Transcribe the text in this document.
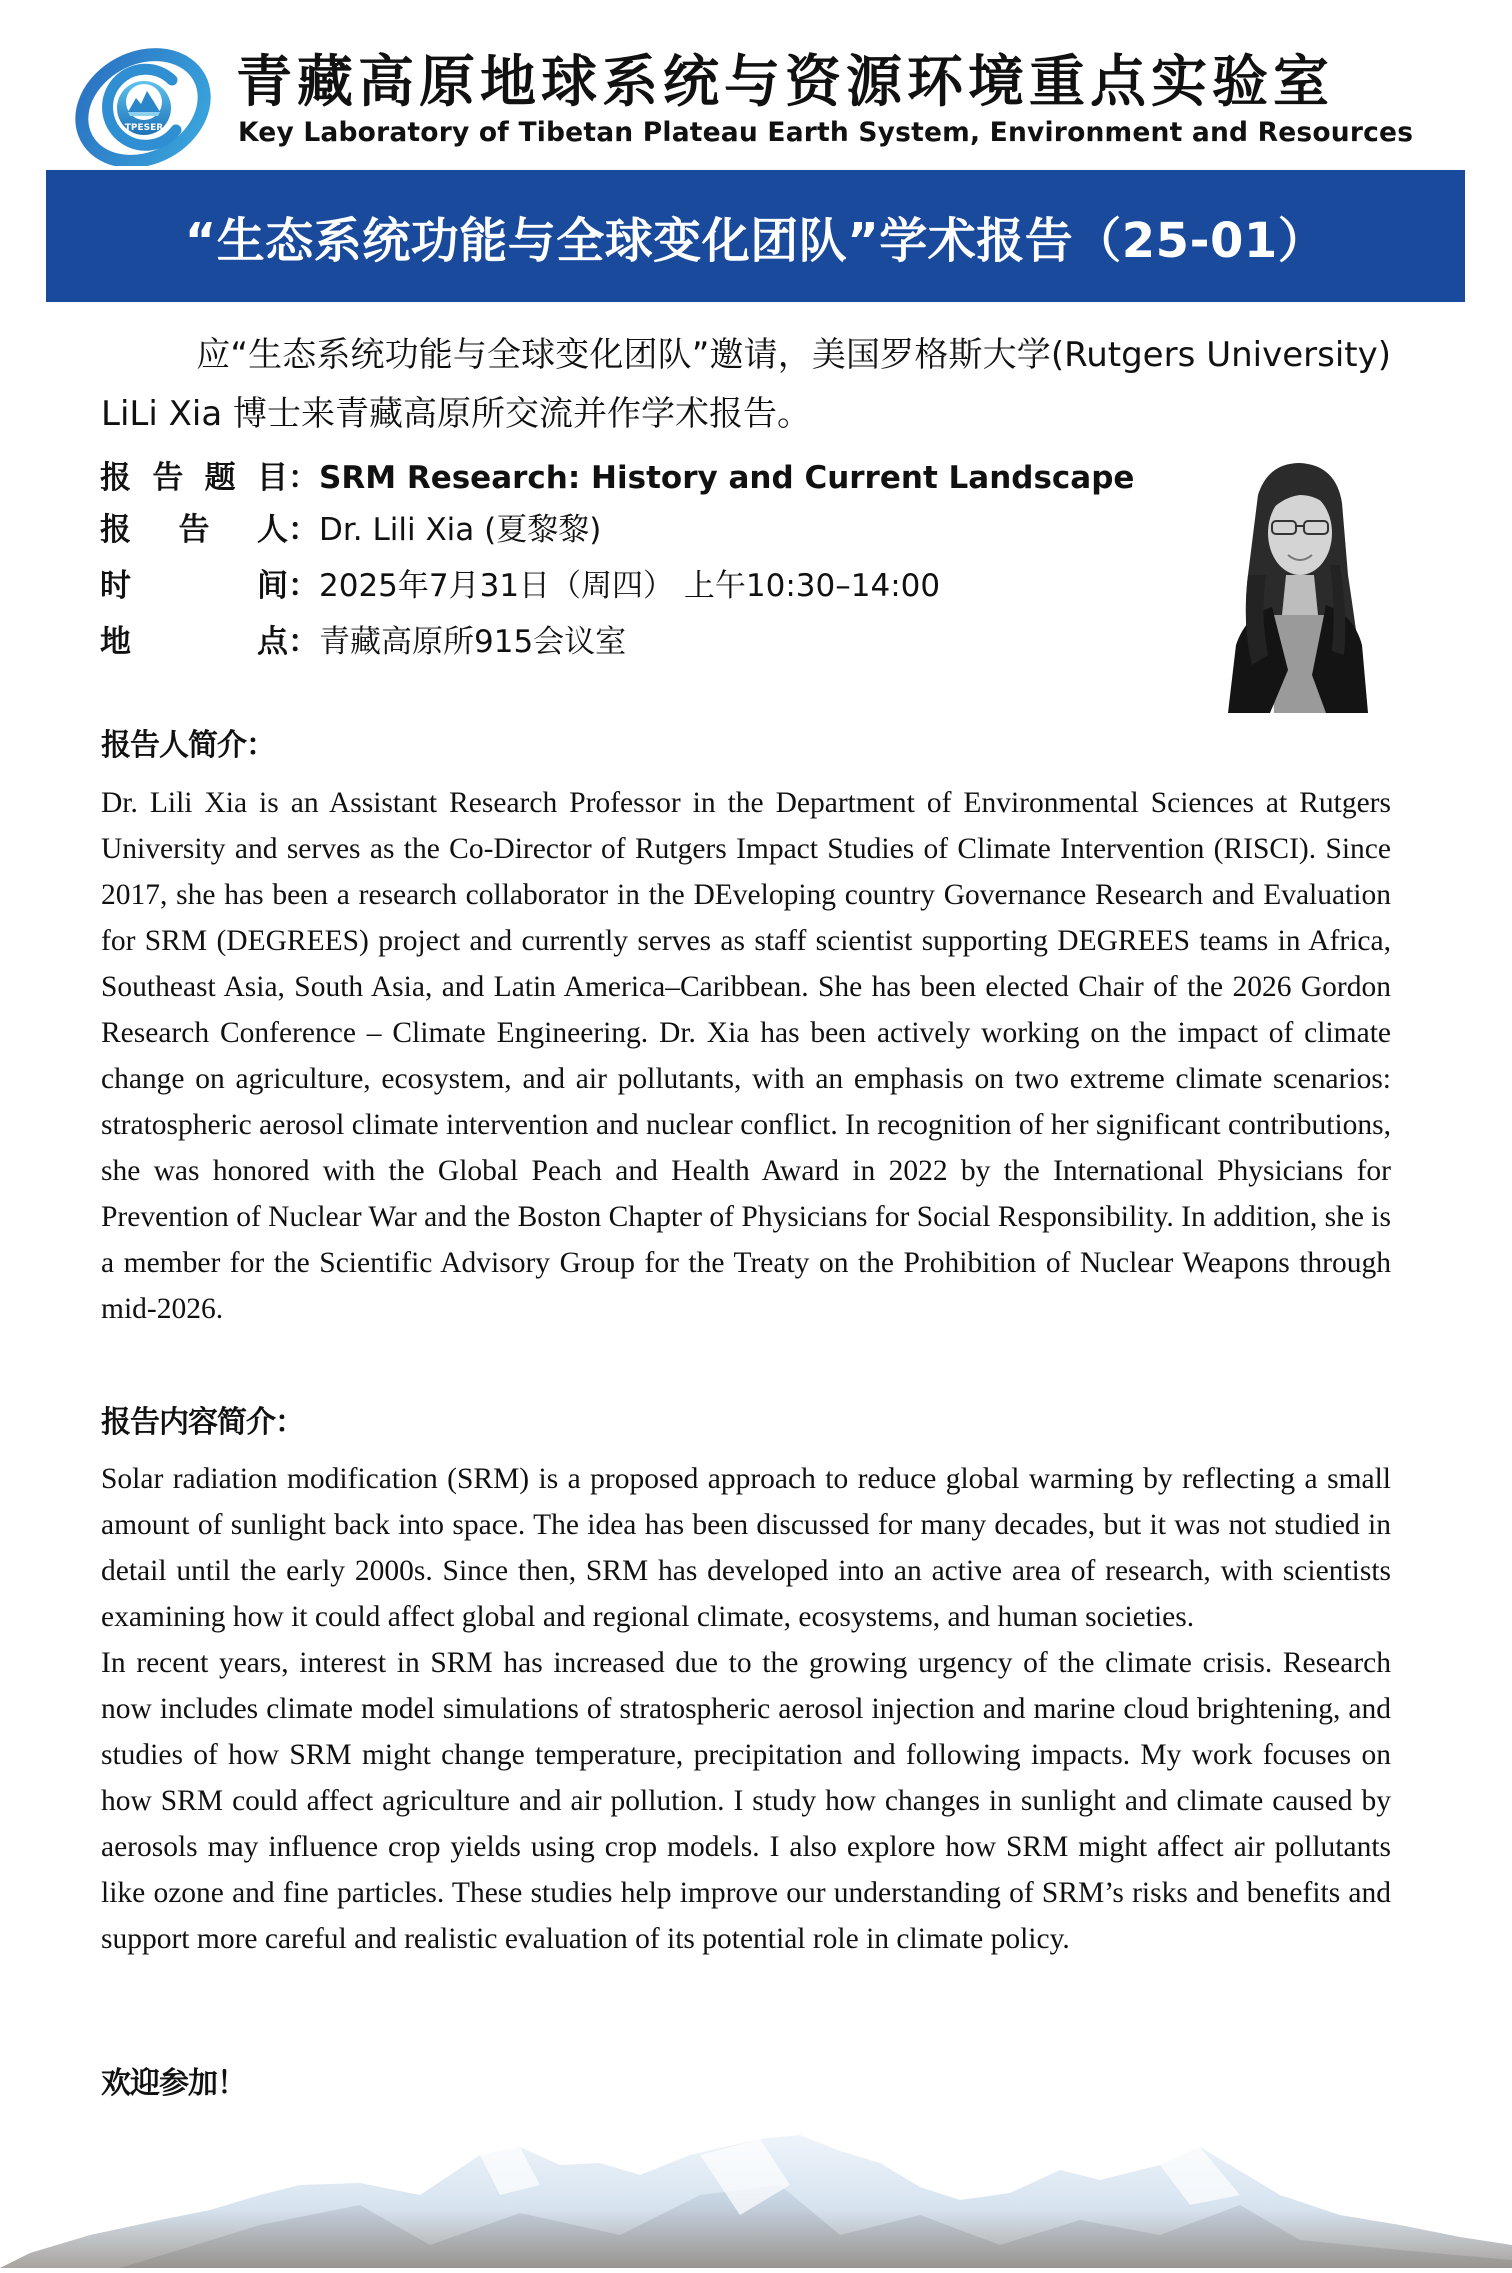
TPESER
青藏高原地球系统与资源环境重点实验室
Key Laboratory of Tibetan Plateau Earth System, Environment and Resources
“生态系统功能与全球变化团队”学术报告（25-01）
应“生态系统功能与全球变化团队”邀请，美国罗格斯大学(Rutgers University) LiLi Xia 博士来青藏高原所交流并作学术报告。
报 告 题 目 ： SRM Research: History and Current Landscape
报 告 人 ： Dr. Lili Xia (夏黎黎)
时	间 ： 2025年7月31日（周四） 上午10:30–14:00
地	点 ： 青藏高原所915会议室
报告人简介：

Dr. Lili Xia is an Assistant Research Professor in the Department of Environmental Sciences at Rutgers University and serves as the Co-Director of Rutgers Impact Studies of Climate Intervention (RISCI). Since 2017, she has been a research collaborator in the DEveloping country Governance Research and Evaluation for SRM (DEGREES) project and currently serves as staff scientist supporting DEGREES teams in Africa, Southeast Asia, South Asia, and Latin America–Caribbean. She has been elected Chair of the 2026 Gordon Research Conference – Climate Engineering. Dr. Xia has been actively working on the impact of climate change on agriculture, ecosystem, and air pollutants, with an emphasis on two extreme climate scenarios: stratospheric aerosol climate intervention and nuclear conflict. In recognition of her significant contributions, she was honored with the Global Peach and Health Award in 2022 by the International Physicians for Prevention of Nuclear War and the Boston Chapter of Physicians for Social Responsibility. In addition, she is a member for the Scientific Advisory Group for the Treaty on the Prohibition of Nuclear Weapons through mid-2026.

报告内容简介：

Solar radiation modification (SRM) is a proposed approach to reduce global warming by reflecting a small amount of sunlight back into space. The idea has been discussed for many decades, but it was not studied in detail until the early 2000s. Since then, SRM has developed into an active area of research, with scientists examining how it could affect global and regional climate, ecosystems, and human societies.

In recent years, interest in SRM has increased due to the growing urgency of the climate crisis. Research now includes climate model simulations of stratospheric aerosol injection and marine cloud brightening, and studies of how SRM might change temperature, precipitation and following impacts. My work focuses on how SRM could affect agriculture and air pollution. I study how changes in sunlight and climate caused by aerosols may influence crop yields using crop models. I also explore how SRM might affect air pollutants like ozone and fine particles. These studies help improve our understanding of SRM’s risks and benefits and support more careful and realistic evaluation of its potential role in climate policy.

欢迎参加！
